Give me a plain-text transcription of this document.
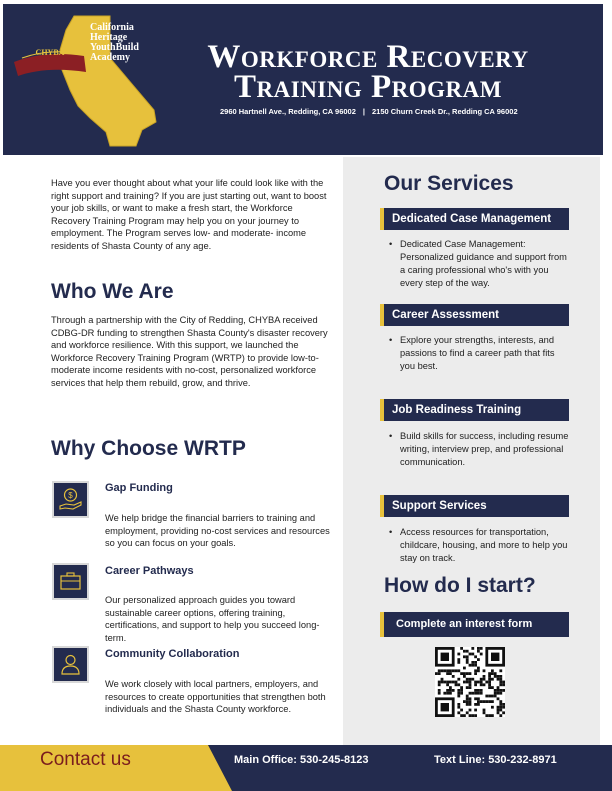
CHYBA
California
Heritage
YouthBuild
Academy	Workforce Recovery
Training Program
2960 Hartnell Ave., Redding, CA 96002 | 2150 Churn Creek Dr., Redding CA 96002
Have you ever thought about what your life could look like with the right support and training? If you are just starting out, want to boost your job skills, or want to make a fresh start, the Workforce Recovery Training Program may help you on your journey to employment. The Program serves low- and moderate- income residents of Shasta County of any age.
Who We Are
Through a partnership with the City of Redding, CHYBA received CDBG-DR funding to strengthen Shasta County's disaster recovery and workforce resilience. With this support, we launched the Workforce Recovery Training Program (WRTP) to provide low-to-moderate income residents with no-cost, personalized workforce services that help them rebuild, grow, and thrive.
Why Choose WRTP
$
Gap Funding
We help bridge the financial barriers to training and employment, providing no-cost services and resources so you can focus on your goals.
Career Pathways
Our personalized approach guides you toward sustainable career options, offering training, certifications, and support to help you succeed long-term.
Community Collaboration
We work closely with local partners, employers, and resources to create opportunities that strengthen both individuals and the Shasta County workforce.
Our Services
Dedicated Case Management
• Dedicated Case Management: Personalized guidance and support from a caring professional who's with you every step of the way.
Career Assessment
• Explore your strengths, interests, and passions to find a career path that fits you best.
Job Readiness Training
• Build skills for success, including resume writing, interview prep, and professional communication.
Support Services
• Access resources for transportation, childcare, housing, and more to help you stay on track.
How do I start?
Complete an interest form
Contact us	Main Office: 530-245-8123	Text Line: 530-232-8971
